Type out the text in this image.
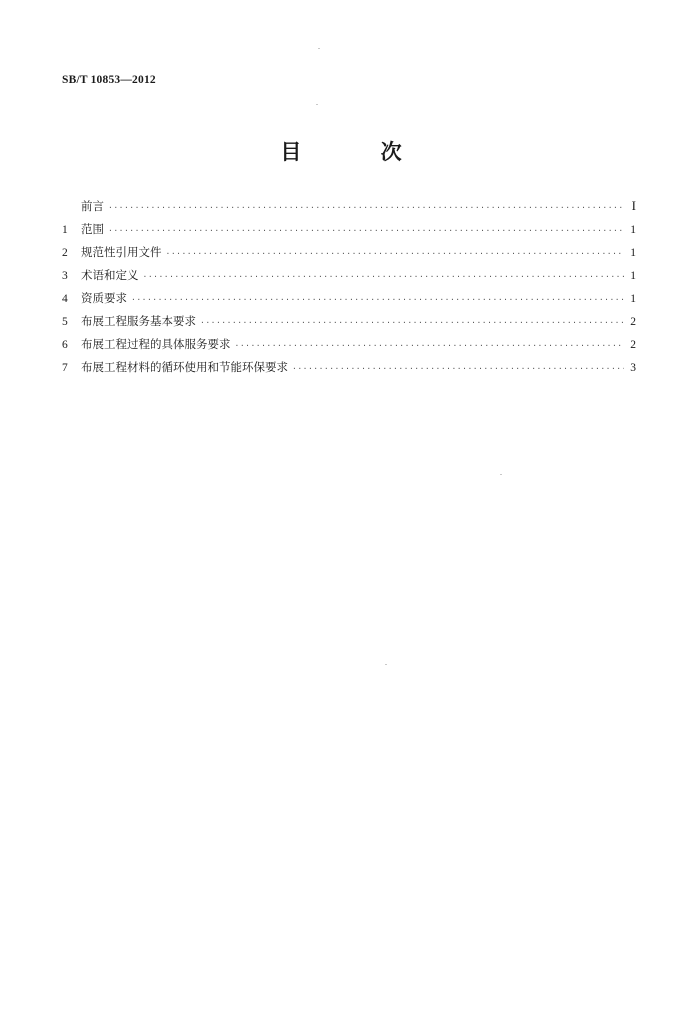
SB/T 10853—2012
目 次
前言 ·····	I
1	范围 ·····	1
2	规范性引用文件 ·····	1
3	术语和定义 ·····	1
4	资质要求 ·····	1
5	布展工程服务基本要求 ·····	2
6	布展工程过程的具体服务要求 ·····	2
7	布展工程材料的循环使用和节能环保要求 ·····	3
